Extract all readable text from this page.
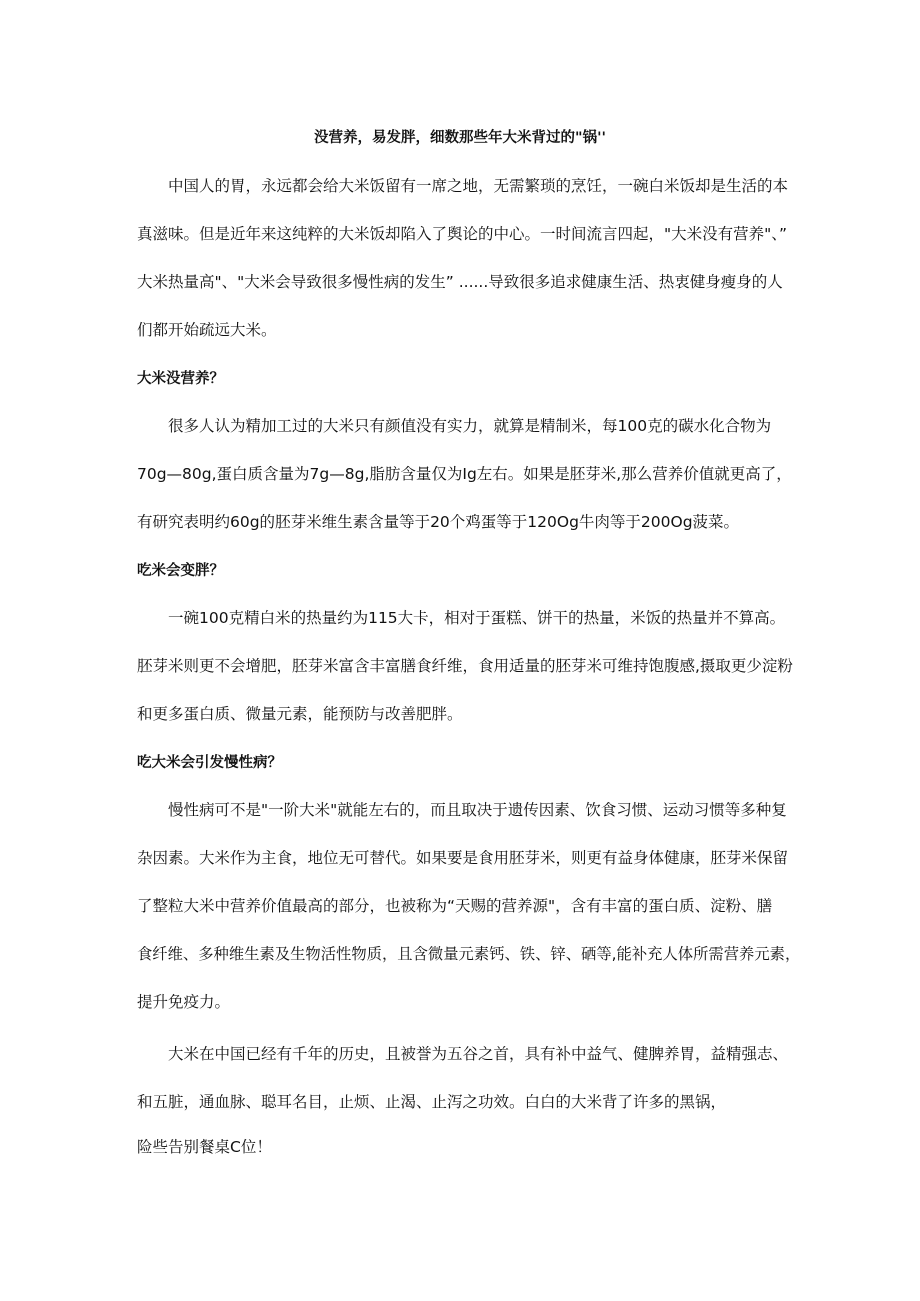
没营养，易发胖，细数那些年大米背过的"锅''
中国人的胃，永远都会给大米饭留有一席之地，无需繁琐的烹饪，一碗白米饭却是生活的本
真滋味。但是近年来这纯粹的大米饭却陷入了舆论的中心。一时间流言四起，"大米没有营养"、”
大米热量高"、"大米会导致很多慢性病的发生” ......导致很多追求健康生活、热衷健身瘦身的人
们都开始疏远大米。
大米没营养？
很多人认为精加工过的大米只有颜值没有实力，就算是精制米，每100克的碳水化合物为
70g—80g,蛋白质含量为7g—8g,脂肪含量仅为Ig左右。如果是胚芽米,那么营养价值就更高了，
有研究表明约60g的胚芽米维生素含量等于20个鸡蛋等于120Og牛肉等于200Og菠菜。
吃米会变胖？
一碗100克精白米的热量约为115大卡，相对于蛋糕、饼干的热量，米饭的热量并不算高。
胚芽米则更不会增肥，胚芽米富含丰富膳食纤维，食用适量的胚芽米可维持饱腹感,摄取更少淀粉
和更多蛋白质、微量元素，能预防与改善肥胖。
吃大米会引发慢性病？
慢性病可不是"一阶大米"就能左右的，而且取决于遗传因素、饮食习惯、运动习惯等多种复
杂因素。大米作为主食，地位无可替代。如果要是食用胚芽米，则更有益身体健康，胚芽米保留
了整粒大米中营养价值最高的部分，也被称为“天赐的营养源"，含有丰富的蛋白质、淀粉、膳
食纤维、多种维生素及生物活性物质，且含微量元素钙、铁、锌、硒等,能补充人体所需营养元素，
提升免疫力。
大米在中国已经有千年的历史，且被誉为五谷之首，具有补中益气、健脾养胃，益精强志、
和五脏，通血脉、聪耳名目，止烦、止渴、止泻之功效。白白的大米背了许多的黑锅，
险些告别餐桌C位！
